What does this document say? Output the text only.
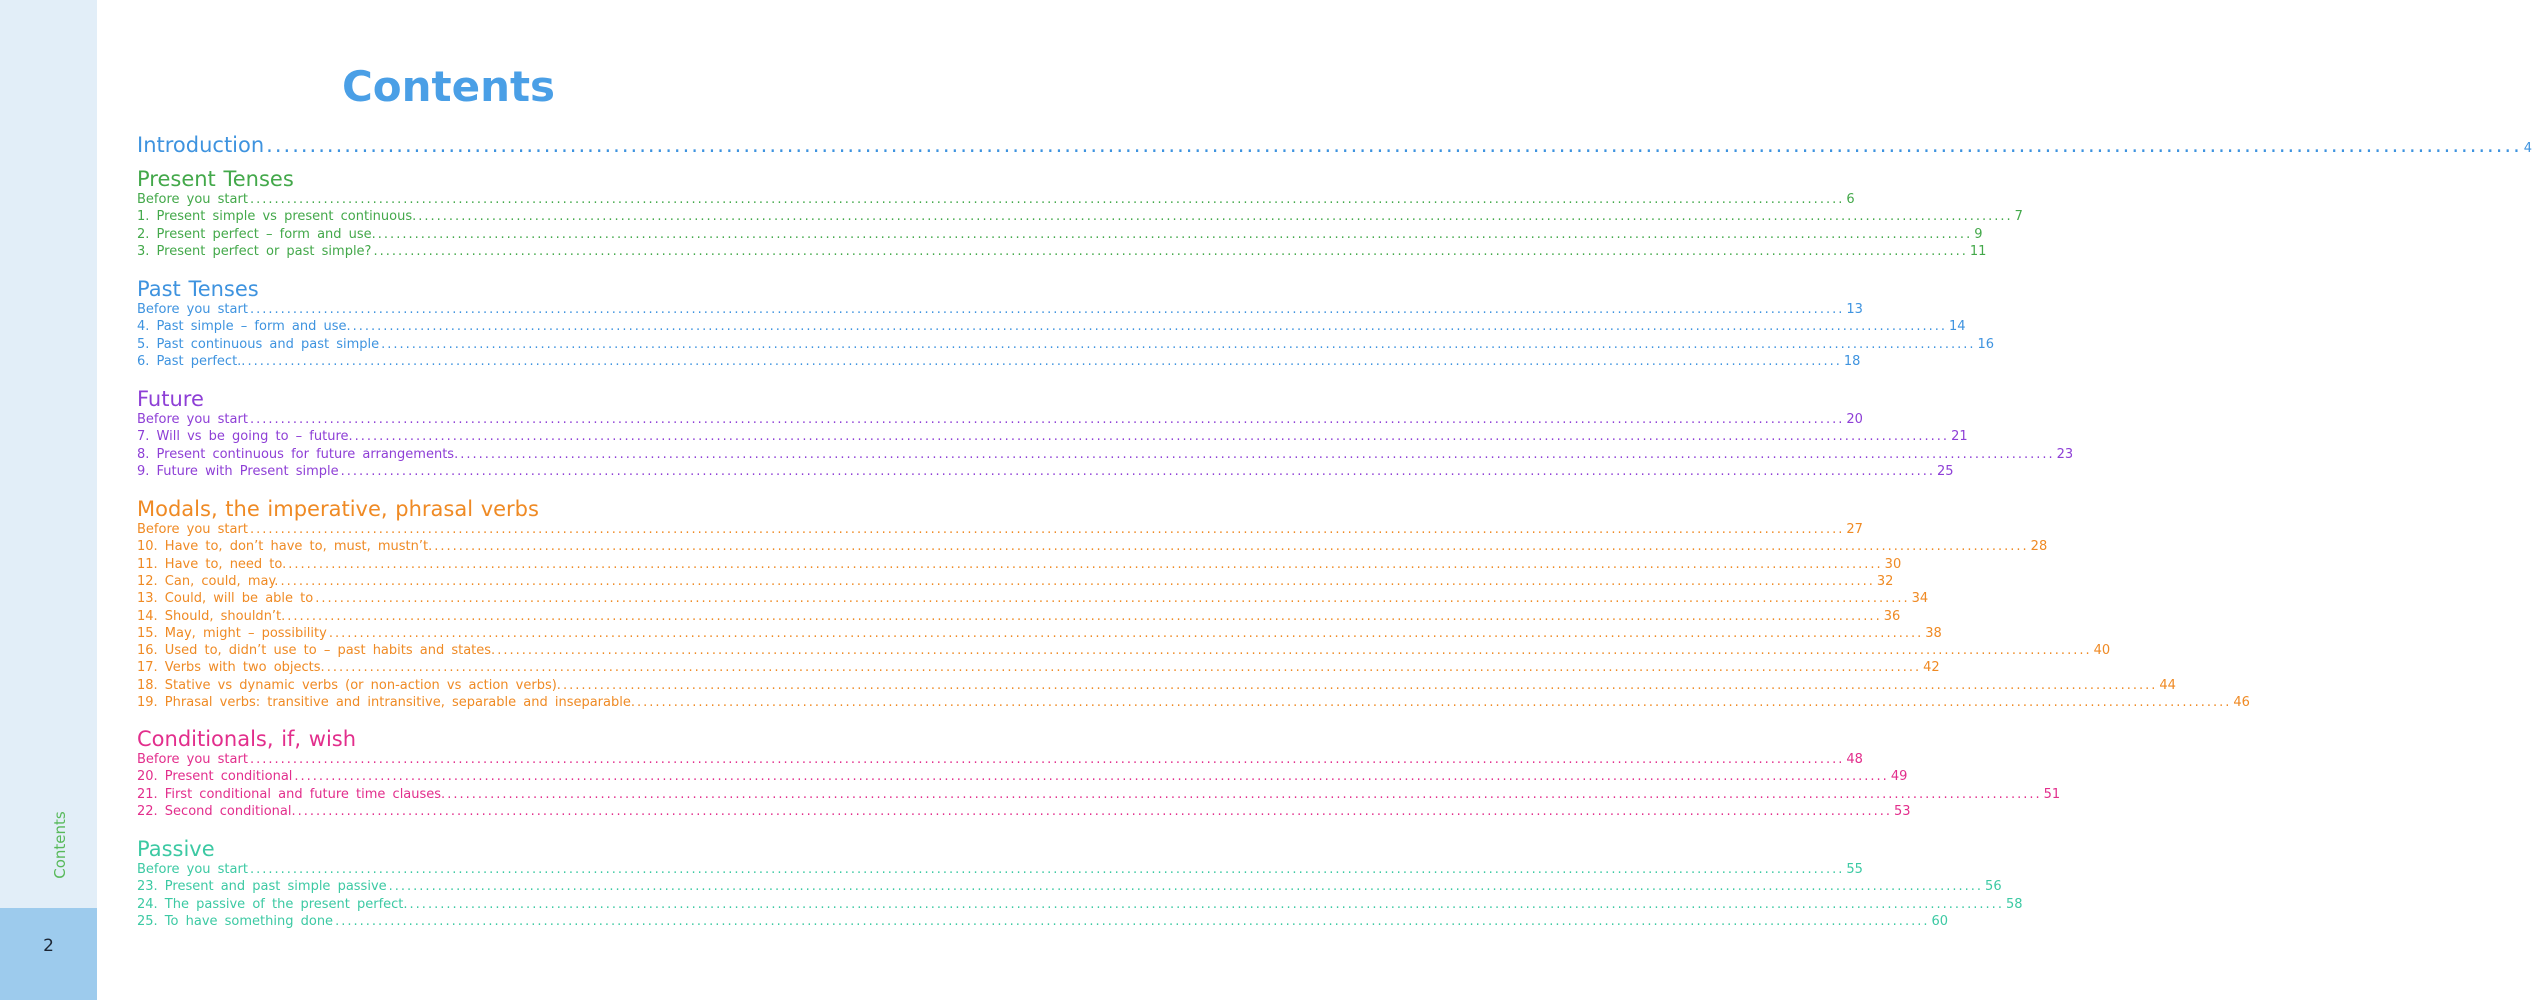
Contents
2
Contents
Introduction .................................................................................................................................................................................................................................................................... 4
Present Tenses
Before you start .................................................................................................................................................................................................................................................................... 6
1. Present simple vs present continuous. .................................................................................................................................................................................................................................................................... 7
2. Present perfect – form and use. .................................................................................................................................................................................................................................................................... 9
3. Present perfect or past simple? .................................................................................................................................................................................................................................................................... 11
Past Tenses
Before you start .................................................................................................................................................................................................................................................................... 13
4. Past simple – form and use. .................................................................................................................................................................................................................................................................... 14
5. Past continuous and past simple .................................................................................................................................................................................................................................................................... 16
6. Past perfect.. .................................................................................................................................................................................................................................................................... 18
Future
Before you start .................................................................................................................................................................................................................................................................... 20
7. Will vs be going to – future. .................................................................................................................................................................................................................................................................... 21
8. Present continuous for future arrangements. .................................................................................................................................................................................................................................................................... 23
9. Future with Present simple .................................................................................................................................................................................................................................................................... 25
Modals, the imperative, phrasal verbs
Before you start .................................................................................................................................................................................................................................................................... 27
10. Have to, don’t have to, must, mustn’t. .................................................................................................................................................................................................................................................................... 28
11. Have to, need to. .................................................................................................................................................................................................................................................................... 30
12. Can, could, may. .................................................................................................................................................................................................................................................................... 32
13. Could, will be able to .................................................................................................................................................................................................................................................................... 34
14. Should, shouldn’t. .................................................................................................................................................................................................................................................................... 36
15. May, might – possibility .................................................................................................................................................................................................................................................................... 38
16. Used to, didn’t use to – past habits and states. .................................................................................................................................................................................................................................................................... 40
17. Verbs with two objects. .................................................................................................................................................................................................................................................................... 42
18. Stative vs dynamic verbs (or non-action vs action verbs). .................................................................................................................................................................................................................................................................... 44
19. Phrasal verbs: transitive and intransitive, separable and inseparable. .................................................................................................................................................................................................................................................................... 46
Conditionals, if, wish
Before you start .................................................................................................................................................................................................................................................................... 48
20. Present conditional .................................................................................................................................................................................................................................................................... 49
21. First conditional and future time clauses. .................................................................................................................................................................................................................................................................... 51
22. Second conditional. .................................................................................................................................................................................................................................................................... 53
Passive
Before you start .................................................................................................................................................................................................................................................................... 55
23. Present and past simple passive .................................................................................................................................................................................................................................................................... 56
24. The passive of the present perfect. .................................................................................................................................................................................................................................................................... 58
25. To have something done .................................................................................................................................................................................................................................................................... 60
